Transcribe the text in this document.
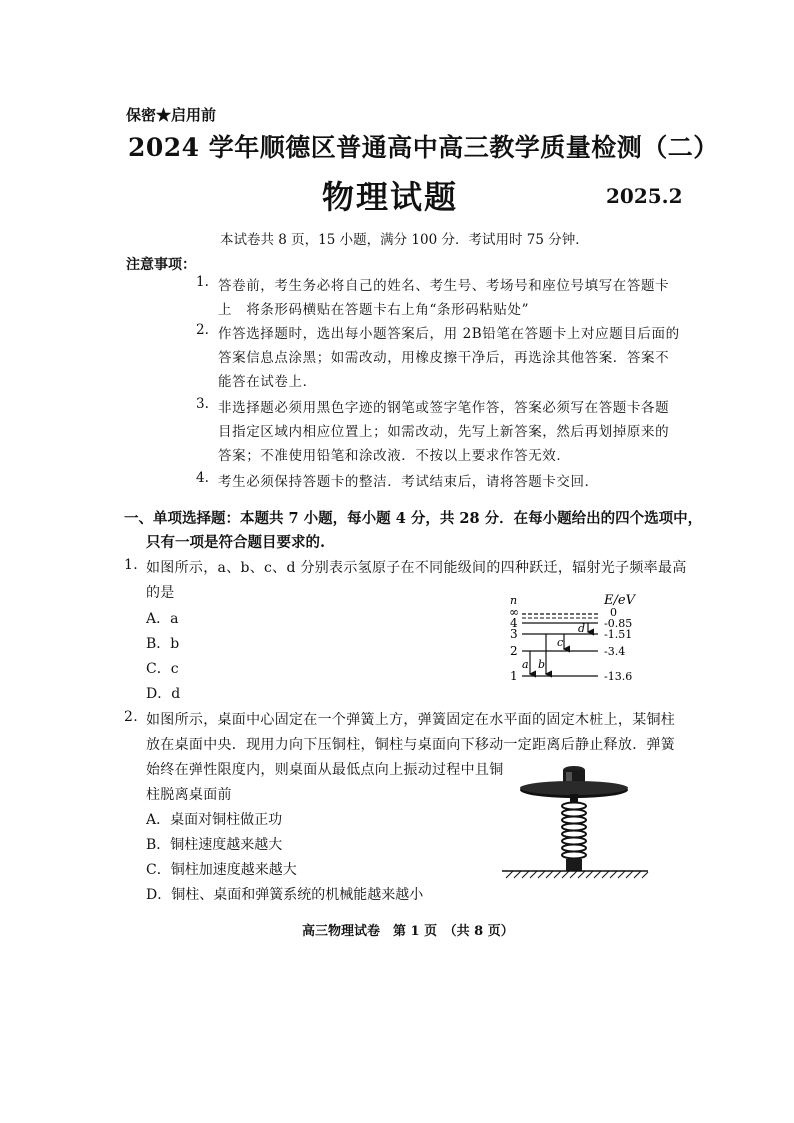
保密★启用前
2024 学年顺德区普通高中高三教学质量检测（二）
物理试题	2025.2
本试卷共 8 页，15 小题，满分 100 分．考试用时 75 分钟．
注意事项：
1. 答卷前，考生务必将自己的姓名、考生号、考场号和座位号填写在答题卡
上　将条形码横贴在答题卡右上角“条形码粘贴处”
2. 作答选择题时，选出每小题答案后，用 2B铅笔在答题卡上对应题目后面的
答案信息点涂黑；如需改动，用橡皮擦干净后，再选涂其他答案．答案不
能答在试卷上．
3. 非选择题必须用黑色字迹的钢笔或签字笔作答，答案必须写在答题卡各题
目指定区域内相应位置上；如需改动，先写上新答案，然后再划掉原来的
答案；不准使用铅笔和涂改液．不按以上要求作答无效．
4. 考生必须保持答题卡的整洁．考试结束后，请将答题卡交回．
一、单项选择题：本题共 7 小题，每小题 4 分，共 28 分．在每小题给出的四个选项中，
只有一项是符合题目要求的.
1. 如图所示，a、b、c、d 分别表示氢原子在不同能级间的四种跃迁，辐射光子频率最高
的是
A．a
B．b
C．c
D．d
n	E/eV
∞	0
4	-0.85
3	-1.51
2	-3.4
1	-13.6
a b
c
d
2. 如图所示，桌面中心固定在一个弹簧上方，弹簧固定在水平面的固定木桩上，某铜柱
放在桌面中央．现用力向下压铜柱，铜柱与桌面向下移动一定距离后静止释放．弹簧
始终在弹性限度内，则桌面从最低点向上振动过程中且铜
柱脱离桌面前
A．桌面对铜柱做正功
B．铜柱速度越来越大
C．铜柱加速度越来越大
D．铜柱、桌面和弹簧系统的机械能越来越小
高三物理试卷　第 1 页　（共 8 页）
